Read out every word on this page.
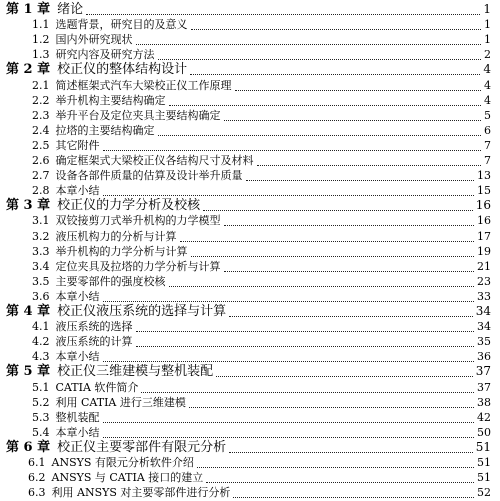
第 1 章 绪论	1
1.1 选题背景，研究目的及意义	1
1.2 国内外研究现状	1
1.3 研究内容及研究方法	2
第 2 章 校正仪的整体结构设计	4
2.1 简述框架式汽车大梁校正仪工作原理	4
2.2 举升机构主要结构确定	4
2.3 举升平台及定位夹具主要结构确定	5
2.4 拉塔的主要结构确定	6
2.5 其它附件	7
2.6 确定框架式大梁校正仪各结构尺寸及材料	7
2.7 设备各部件质量的估算及设计举升质量	13
2.8 本章小结	15
第 3 章 校正仪的力学分析及校核	16
3.1 双铰接剪刀式举升机构的力学模型	16
3.2 液压机构力的分析与计算	17
3.3 举升机构的力学分析与计算	19
3.4 定位夹具及拉塔的力学分析与计算	21
3.5 主要零部件的强度校核	23
3.6 本章小结	33
第 4 章 校正仪液压系统的选择与计算	34
4.1 液压系统的选择	34
4.2 液压系统的计算	35
4.3 本章小结	36
第 5 章 校正仪三维建模与整机装配	37
5.1 CATIA 软件简介	37
5.2 利用 CATIA 进行三维建模	38
5.3 整机装配	42
5.4 本章小结	50
第 6 章 校正仪主要零部件有限元分析	51
6.1 ANSYS 有限元分析软件介绍	51
6.2 ANSYS 与 CATIA 接口的建立	51
6.3 利用 ANSYS 对主要零部件进行分析	52
